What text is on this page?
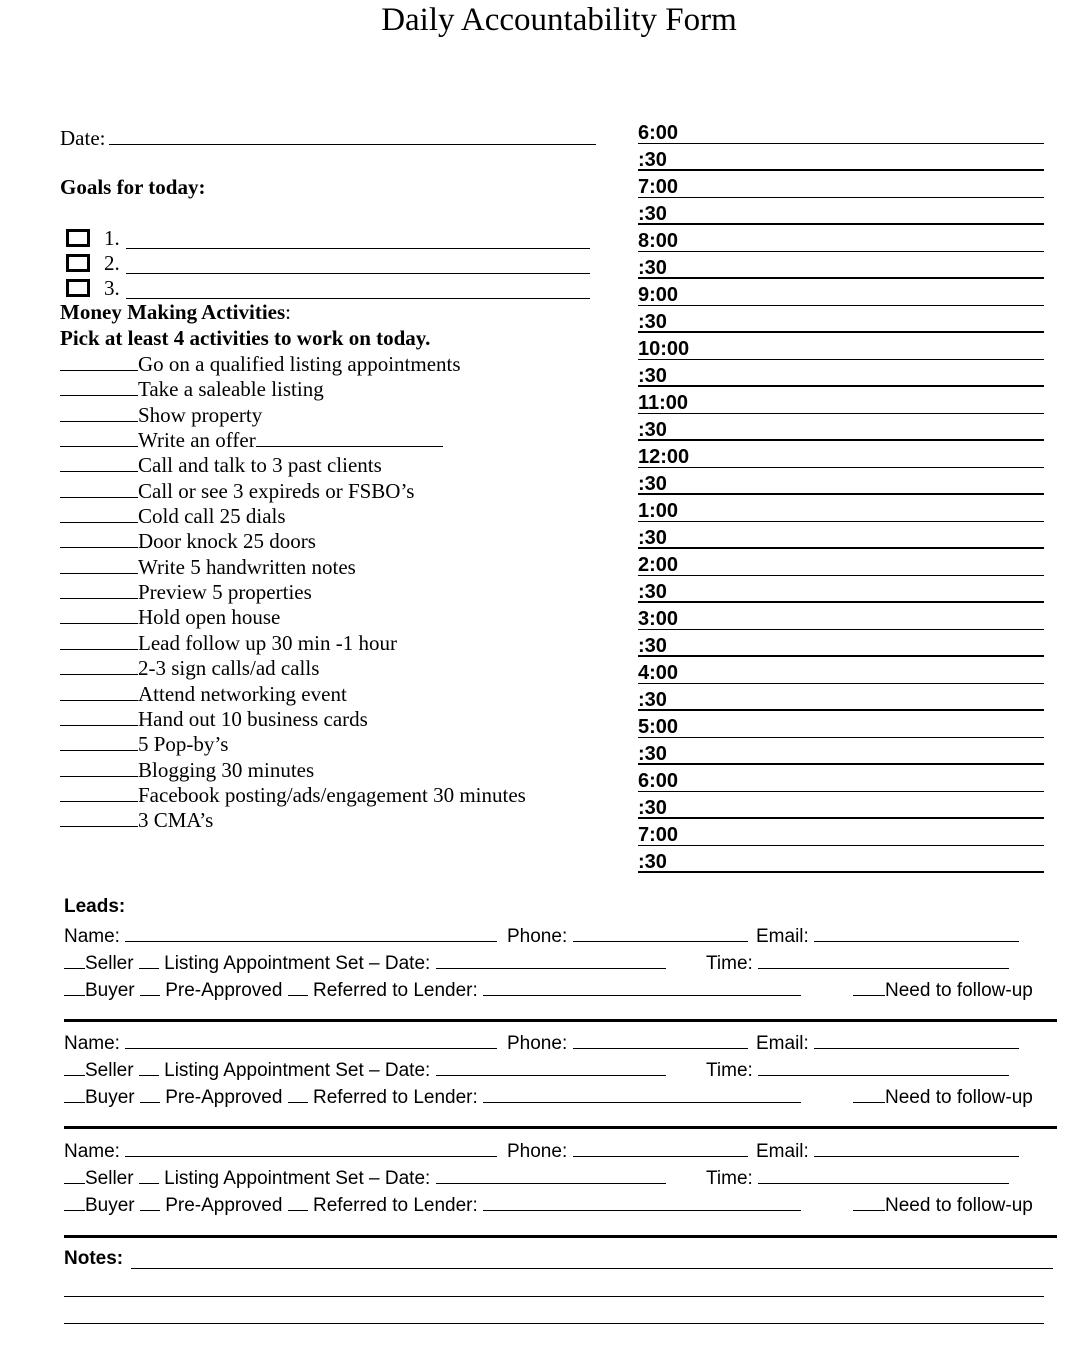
Daily Accountability Form
Date:
Goals for today:
1.
2.
3.
Money Making Activities:
Pick at least 4 activities to work on today.
Go on a qualified listing appointments
Take a saleable listing
Show property
Write an offer
Call and talk to 3 past clients
Call or see 3 expireds or FSBO’s
Cold call 25 dials
Door knock 25 doors
Write 5 handwritten notes
Preview 5 properties
Hold open house
Lead follow up 30 min -1 hour
2-3 sign calls/ad calls
Attend networking event
Hand out 10 business cards
5 Pop-by’s
Blogging 30 minutes
Facebook posting/ads/engagement 30 minutes
3 CMA’s
6:00
:30
7:00
:30
8:00
:30
9:00
:30
10:00
:30
11:00
:30
12:00
:30
1:00
:30
2:00
:30
3:00
:30
4:00
:30
5:00
:30
6:00
:30
7:00
:30
Leads:
Name:	Phone:	Email:
Seller Listing Appointment Set – Date:	Time:
Buyer Pre-Approved Referred to Lender:	Need to follow-up
Name:	Phone:	Email:
Seller Listing Appointment Set – Date:	Time:
Buyer Pre-Approved Referred to Lender:	Need to follow-up
Name:	Phone:	Email:
Seller Listing Appointment Set – Date:	Time:
Buyer Pre-Approved Referred to Lender:	Need to follow-up
Notes:
